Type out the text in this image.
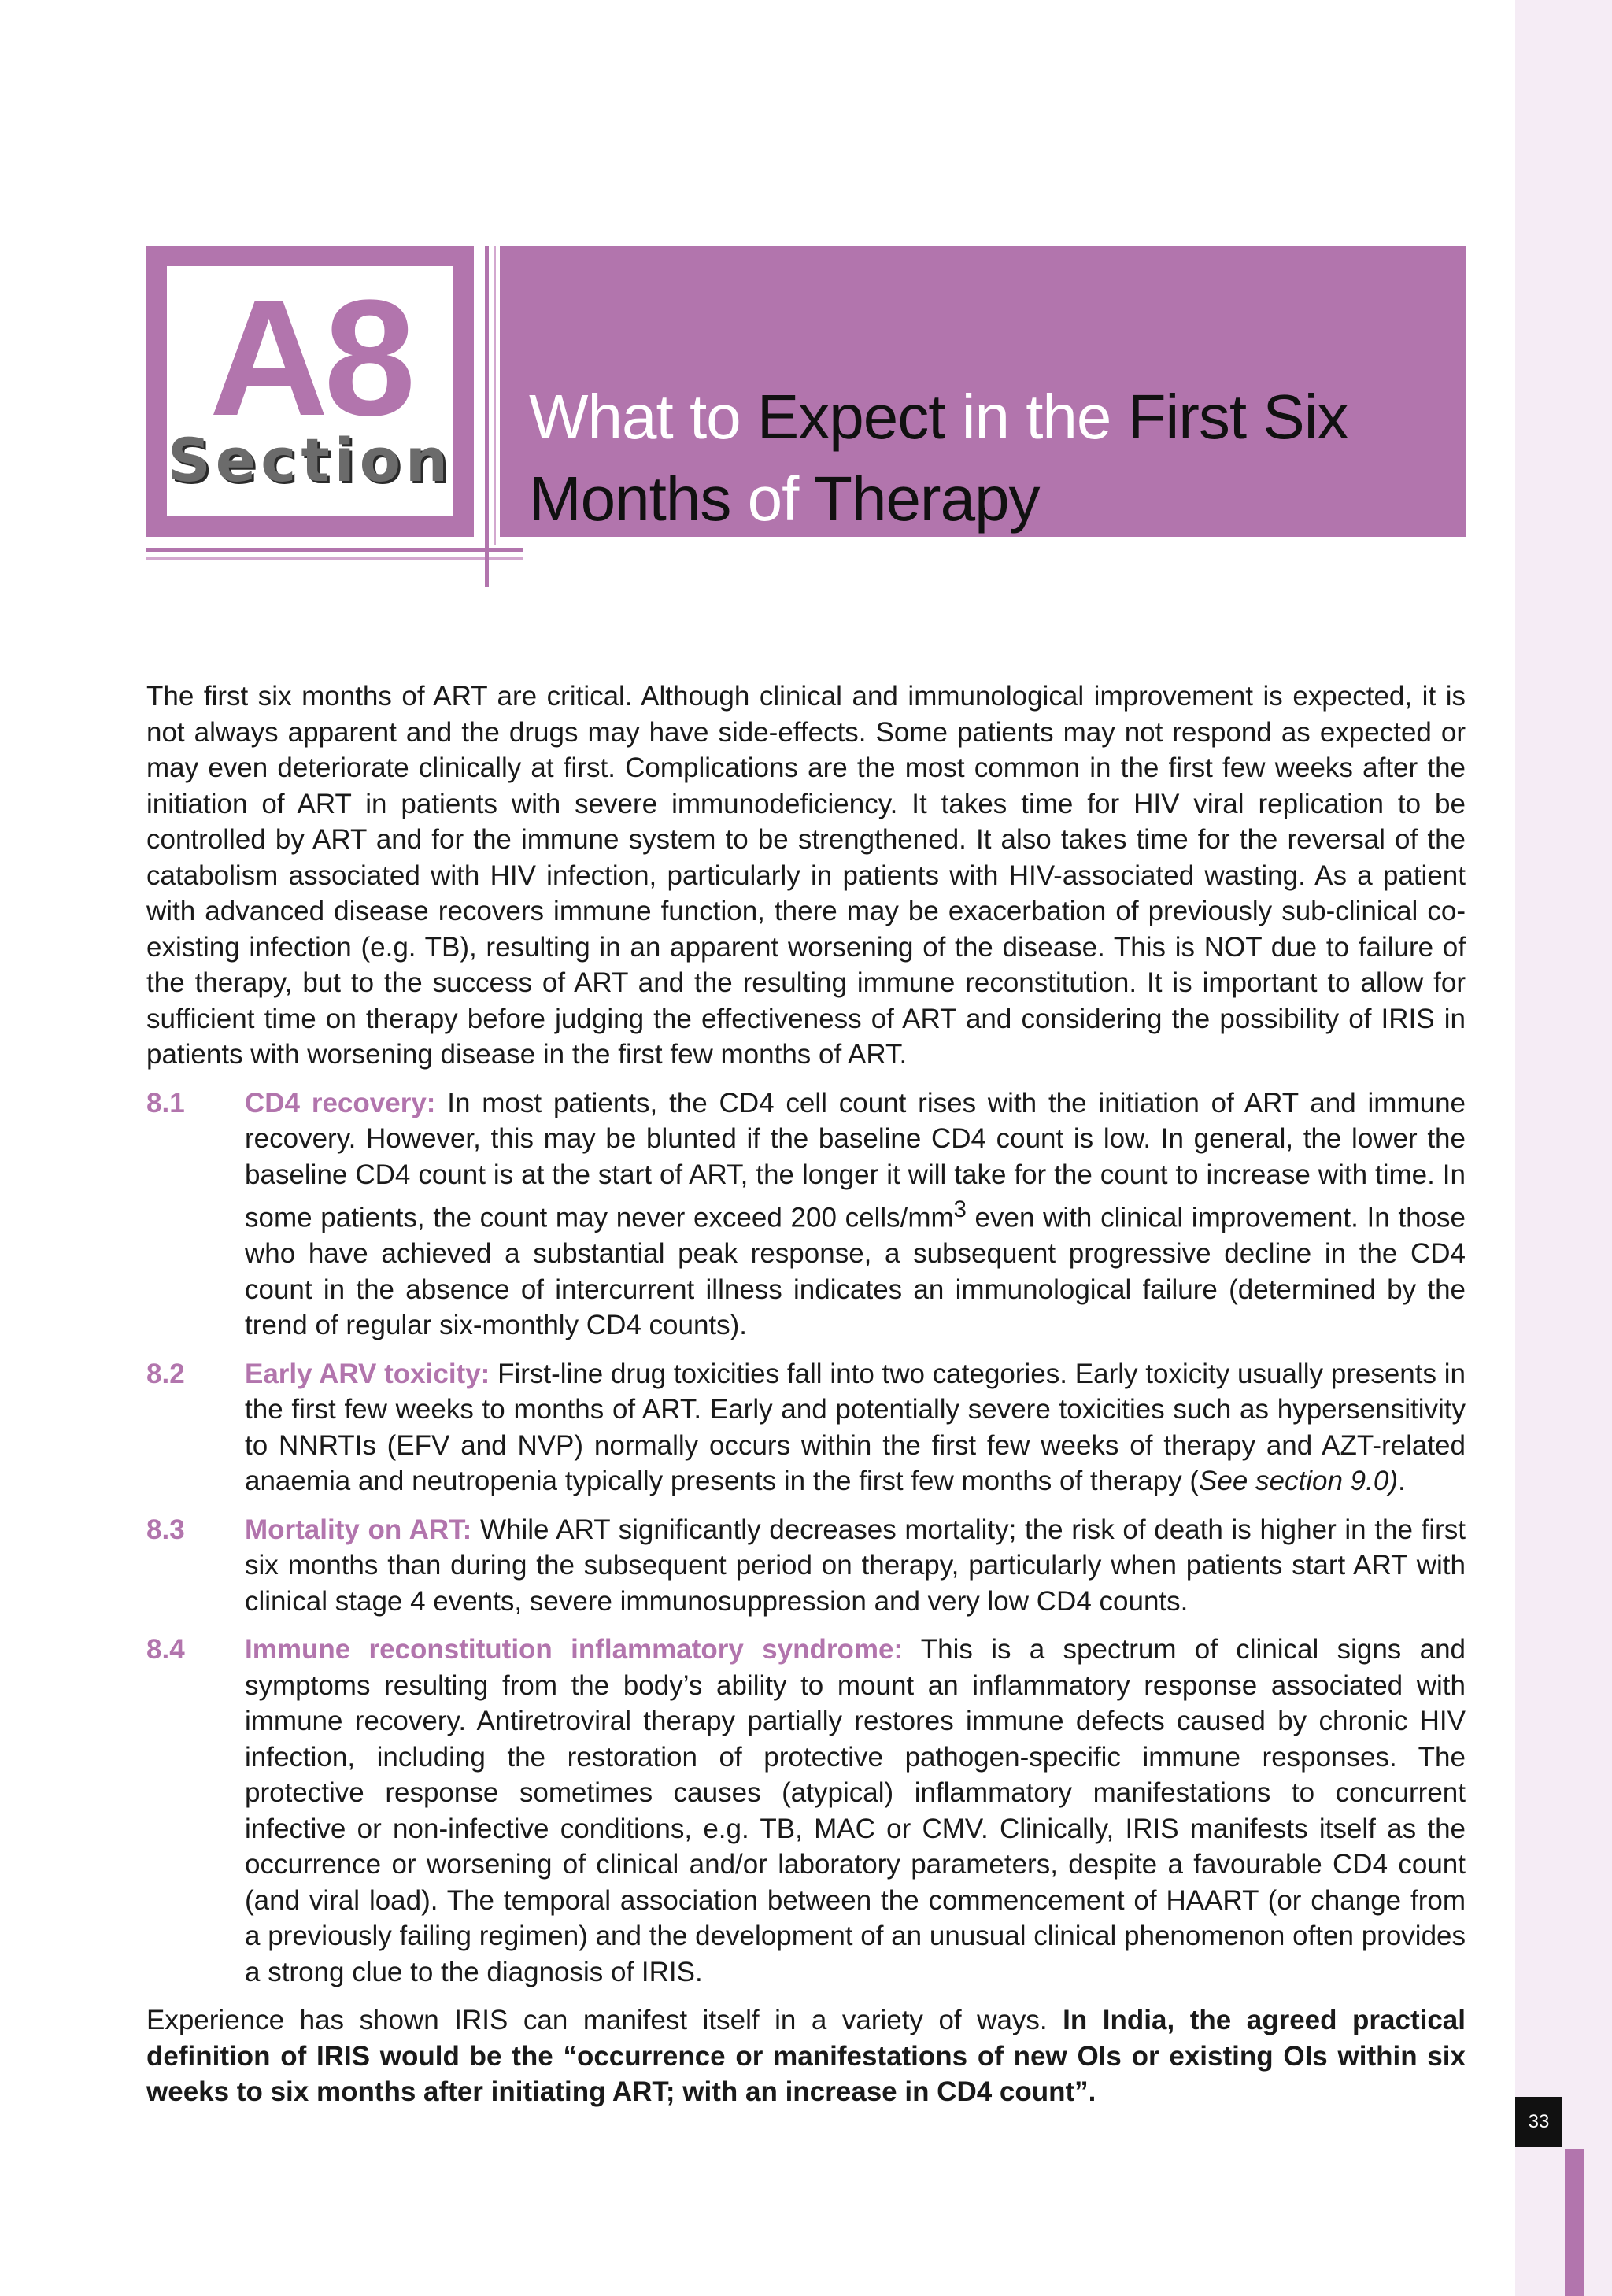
33
A8
Section
What to Expect in the First Six
Months of Therapy

The first six months of ART are critical. Although clinical and immunological improvement is expected, it is not always apparent and the drugs may have side-effects. Some patients may not respond as expected or may even deteriorate clinically at first. Complications are the most common in the first few weeks after the initiation of ART in patients with severe immunodeficiency. It takes time for HIV viral replication to be controlled by ART and for the immune system to be strengthened. It also takes time for the reversal of the catabolism associated with HIV infection, particularly in patients with HIV-associated wasting. As a patient with advanced disease recovers immune function, there may be exacerbation of previously sub-clinical co-existing infection (e.g. TB), resulting in an apparent worsening of the disease. This is NOT due to failure of the therapy, but to the success of ART and the resulting immune reconstitution. It is important to allow for sufficient time on therapy before judging the effectiveness of ART and considering the possibility of IRIS in patients with worsening disease in the first few months of ART.

8.1 CD4 recovery: In most patients, the CD4 cell count rises with the initiation of ART and immune recovery. However, this may be blunted if the baseline CD4 count is low. In general, the lower the baseline CD4 count is at the start of ART, the longer it will take for the count to increase with time. In some patients, the count may never exceed 200 cells/$mm^3$ even with clinical improvement. In those who have achieved a substantial peak response, a subsequent progressive decline in the CD4 count in the absence of intercurrent illness indicates an immunological failure (determined by the trend of regular six-monthly CD4 counts).
8.2 Early ARV toxicity: First-line drug toxicities fall into two categories. Early toxicity usually presents in the first few weeks to months of ART. Early and potentially severe toxicities such as hypersensitivity to NNRTIs (EFV and NVP) normally occurs within the first few weeks of therapy and AZT-related anaemia and neutropenia typically presents in the first few months of therapy (See section 9.0).
8.3 Mortality on ART: While ART significantly decreases mortality; the risk of death is higher in the first six months than during the subsequent period on therapy, particularly when patients start ART with clinical stage 4 events, severe immunosuppression and very low CD4 counts.
8.4 Immune reconstitution inflammatory syndrome: This is a spectrum of clinical signs and symptoms resulting from the body’s ability to mount an inflammatory response associated with immune recovery. Antiretroviral therapy partially restores immune defects caused by chronic HIV infection, including the restoration of protective pathogen-specific immune responses. The protective response sometimes causes (atypical) inflammatory manifestations to concurrent infective or non-infective conditions, e.g. TB, MAC or CMV. Clinically, IRIS manifests itself as the occurrence or worsening of clinical and/or laboratory parameters, despite a favourable CD4 count (and viral load). The temporal association between the commencement of HAART (or change from a previously failing regimen) and the development of an unusual clinical phenomenon often provides a strong clue to the diagnosis of IRIS.

Experience has shown IRIS can manifest itself in a variety of ways. In India, the agreed practical definition of IRIS would be the “occurrence or manifestations of new OIs or existing OIs within six weeks to six months after initiating ART; with an increase in CD4 count”.
